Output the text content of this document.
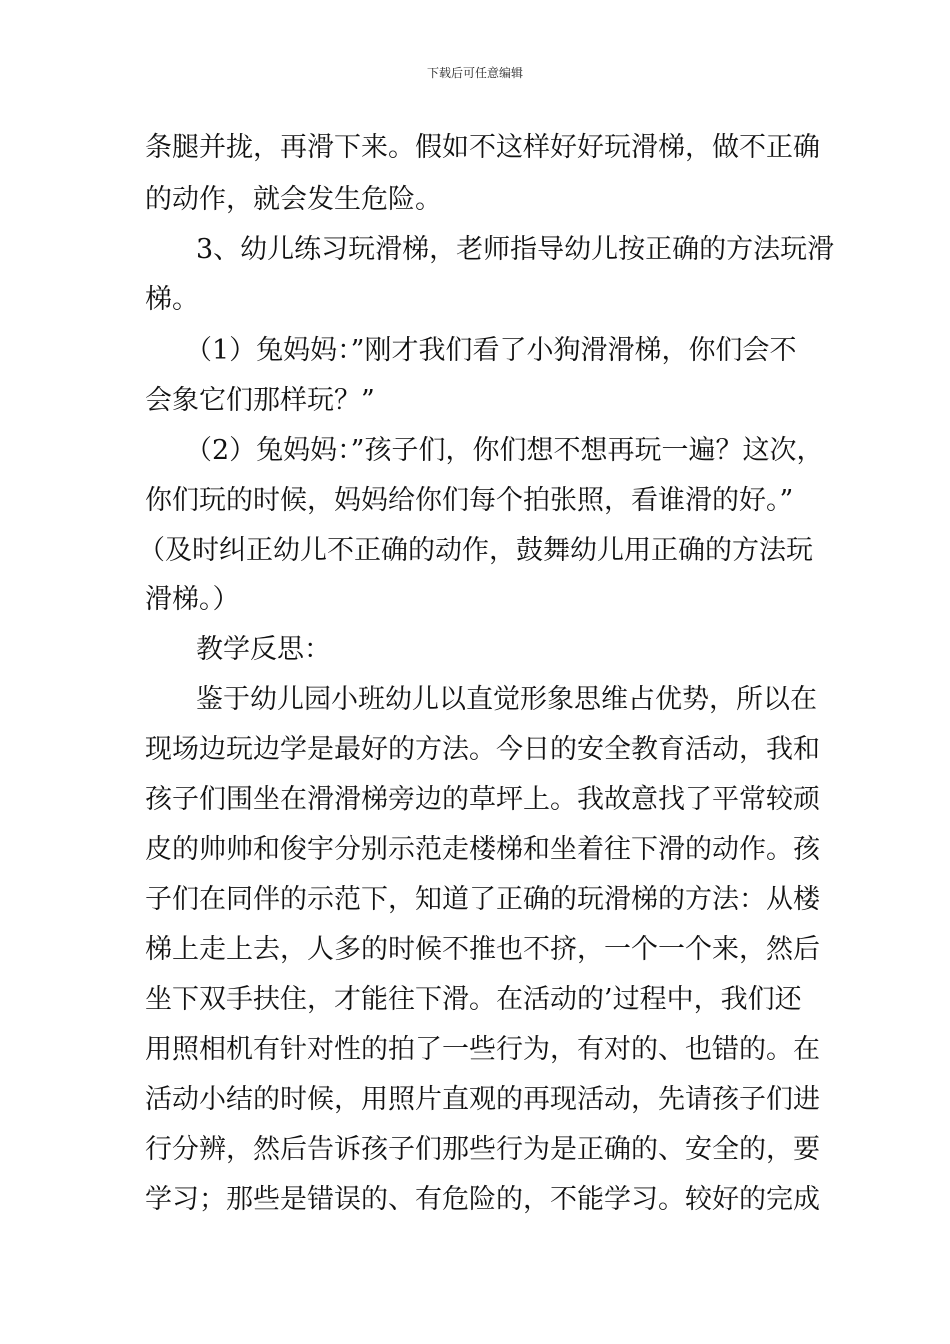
下载后可任意编辑
条腿并拢，再滑下来。假如不这样好好玩滑梯，做不正确
的动作，就会发生危险。
3、幼儿练习玩滑梯，老师指导幼儿按正确的方法玩滑
梯。
（1）兔妈妈：”刚才我们看了小狗滑滑梯，你们会不
会象它们那样玩？”
（2）兔妈妈：”孩子们，你们想不想再玩一遍？这次，
你们玩的时候，妈妈给你们每个拍张照，看谁滑的好。”
（及时纠正幼儿不正确的动作，鼓舞幼儿用正确的方法玩
滑梯。）
教学反思：
鉴于幼儿园小班幼儿以直觉形象思维占优势，所以在
现场边玩边学是最好的方法。今日的安全教育活动，我和
孩子们围坐在滑滑梯旁边的草坪上。我故意找了平常较顽
皮的帅帅和俊宇分别示范走楼梯和坐着往下滑的动作。孩
子们在同伴的示范下，知道了正确的玩滑梯的方法：从楼
梯上走上去，人多的时候不推也不挤，一个一个来，然后
坐下双手扶住，才能往下滑。在活动的’过程中，我们还
用照相机有针对性的拍了一些行为，有对的、也错的。在
活动小结的时候，用照片直观的再现活动，先请孩子们进
行分辨，然后告诉孩子们那些行为是正确的、安全的，要
学习；那些是错误的、有危险的，不能学习。较好的完成
